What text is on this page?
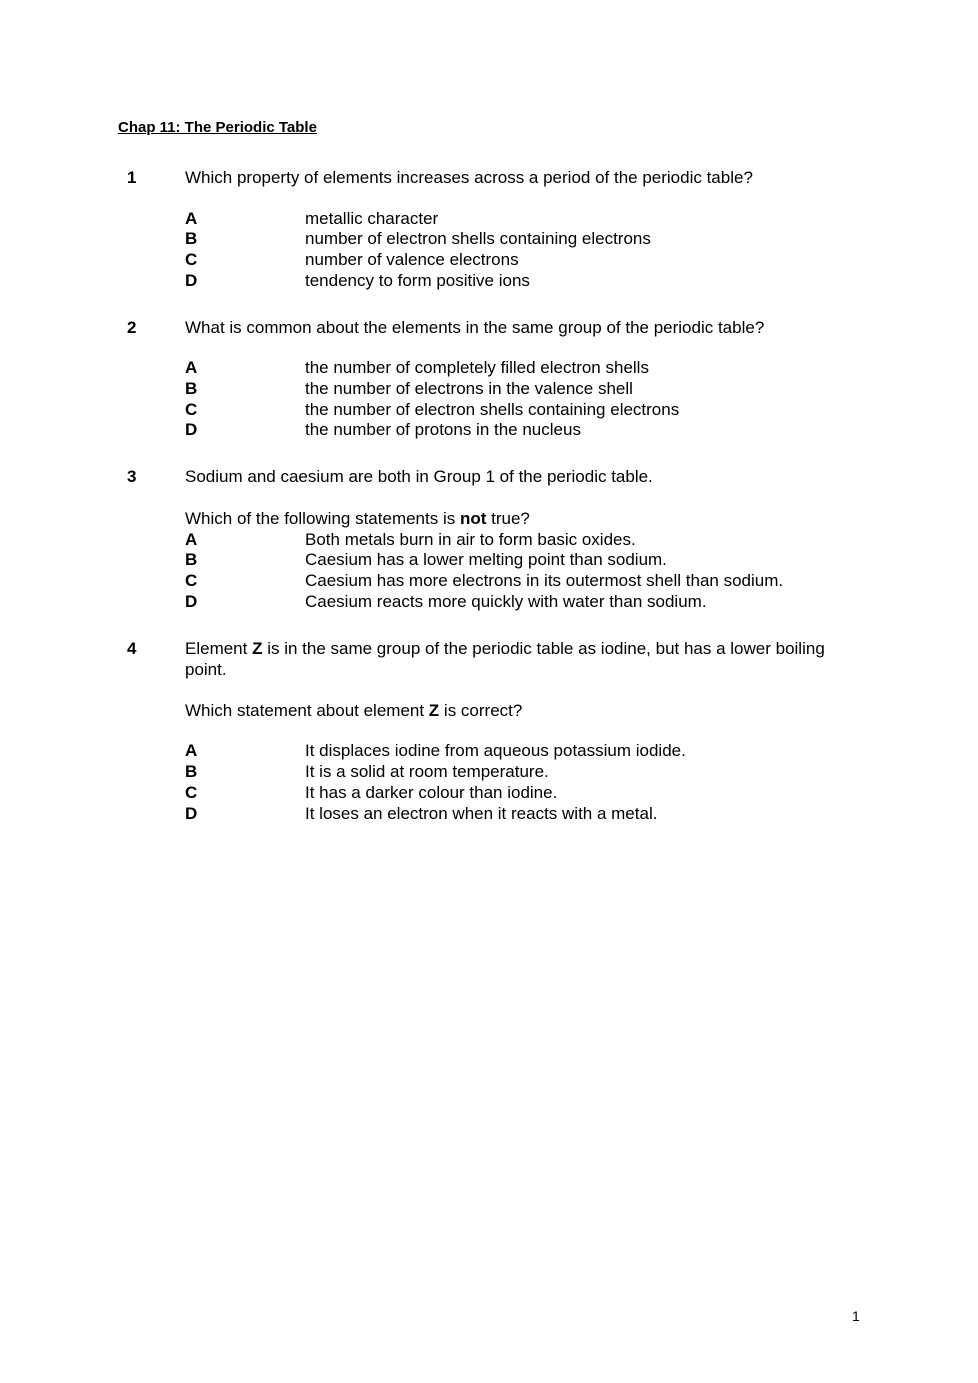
Chap 11: The Periodic Table
1	Which property of elements increases across a period of the periodic table?
A	metallic character
B	number of electron shells containing electrons
C	number of valence electrons
D	tendency to form positive ions
2	What is common about the elements in the same group of the periodic table?
A	the number of completely filled electron shells
B	the number of electrons in the valence shell
C	the number of electron shells containing electrons
D	the number of protons in the nucleus
3	Sodium and caesium are both in Group 1 of the periodic table.
Which of the following statements is not true?
A	Both metals burn in air to form basic oxides.
B	Caesium has a lower melting point than sodium.
C	Caesium has more electrons in its outermost shell than sodium.
D	Caesium reacts more quickly with water than sodium.
4	Element Z is in the same group of the periodic table as iodine, but has a lower boiling point.
Which statement about element Z is correct?
A	It displaces iodine from aqueous potassium iodide.
B	It is a solid at room temperature.
C	It has a darker colour than iodine.
D	It loses an electron when it reacts with a metal.
1
